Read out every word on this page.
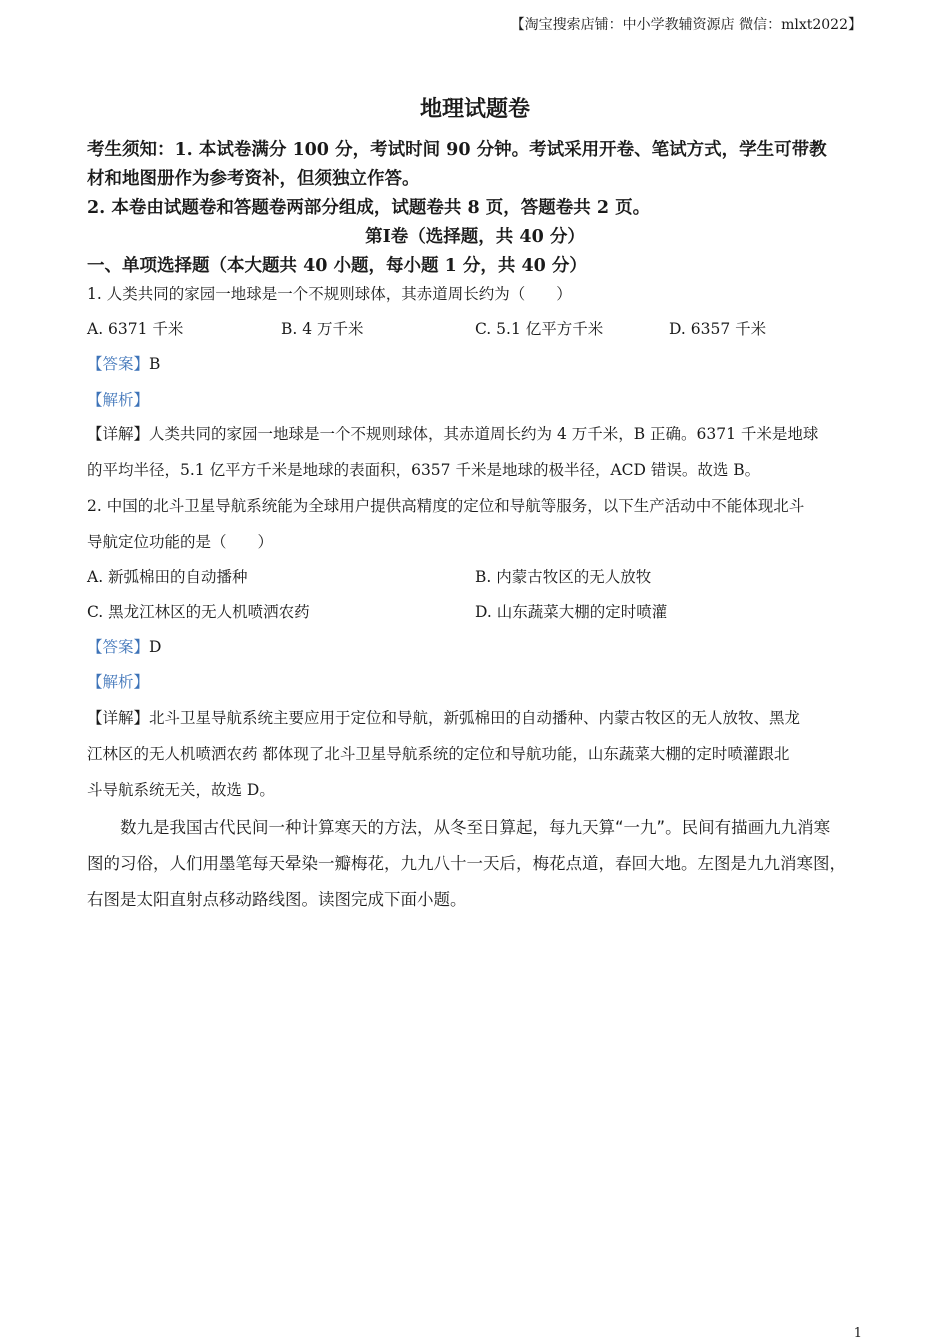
【淘宝搜索店铺：中小学教辅资源店 微信：mlxt2022】
地理试题卷
考生须知：1. 本试卷满分 100 分，考试时间 90 分钟。考试采用开卷、笔试方式，学生可带教
材和地图册作为参考资补，但须独立作答。
2. 本卷由试题卷和答题卷两部分组成，试题卷共 8 页，答题卷共 2 页。
第Ⅰ卷（选择题，共 40 分）
一、单项选择题（本大题共 40 小题，每小题 1 分，共 40 分）
1. 人类共同的家园一地球是一个不规则球体，其赤道周长约为（　　）
A. 6371 千米	B. 4 万千米	C. 5.1 亿平方千米	D. 6357 千米
【答案】B
【解析】
【详解】人类共同的家园一地球是一个不规则球体，其赤道周长约为 4 万千米，B 正确。6371 千米是地球
的平均半径，5.1 亿平方千米是地球的表面积，6357 千米是地球的极半径，ACD 错误。故选 B。
2. 中国的北斗卫星导航系统能为全球用户提供高精度的定位和导航等服务，以下生产活动中不能体现北斗
导航定位功能的是（　　）
A. 新弧棉田的自动播种	B. 内蒙古牧区的无人放牧
C. 黑龙江林区的无人机喷洒农药	D. 山东蔬菜大棚的定时喷灌
【答案】D
【解析】
【详解】北斗卫星导航系统主要应用于定位和导航，新弧棉田的自动播种、内蒙古牧区的无人放牧、黑龙
江林区的无人机喷洒农药 都体现了北斗卫星导航系统的定位和导航功能，山东蔬菜大棚的定时喷灌跟北
斗导航系统无关，故选 D。
数九是我国古代民间一种计算寒天的方法，从冬至日算起，每九天算“一九”。民间有描画九九消寒
图的习俗，人们用墨笔每天晕染一瓣梅花，九九八十一天后，梅花点道，春回大地。左图是九九消寒图，
右图是太阳直射点移动路线图。读图完成下面小题。
1
